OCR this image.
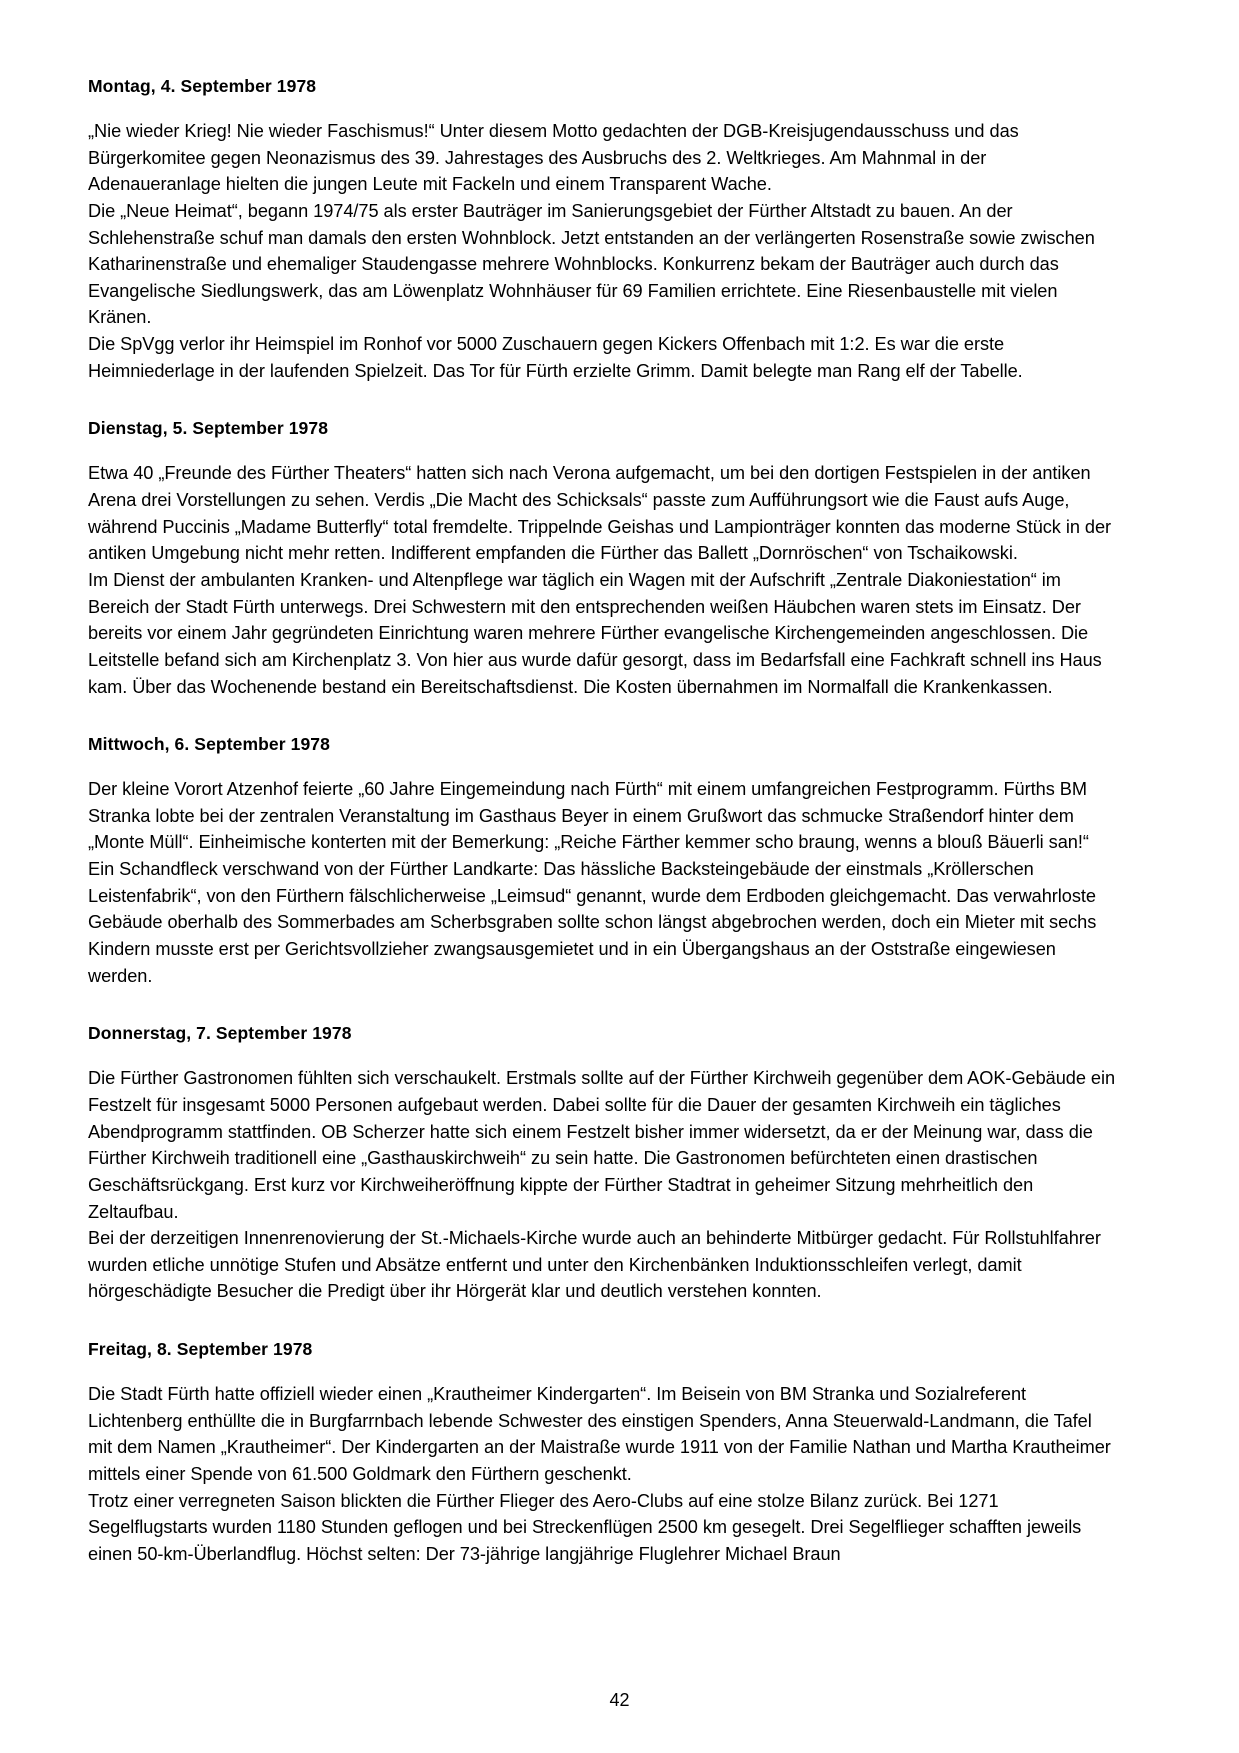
Montag, 4. September 1978

„Nie wieder Krieg! Nie wieder Faschismus!“ Unter diesem Motto gedachten der DGB-Kreisjugendausschuss und das Bürgerkomitee gegen Neonazismus des 39. Jahrestages des Ausbruchs des 2. Weltkrieges. Am Mahnmal in der Adenaueranlage hielten die jungen Leute mit Fackeln und einem Transparent Wache.

Die „Neue Heimat“, begann 1974/75 als erster Bauträger im Sanierungsgebiet der Fürther Altstadt zu bauen. An der Schlehenstraße schuf man damals den ersten Wohnblock. Jetzt entstanden an der verlängerten Rosenstraße sowie zwischen Katharinenstraße und ehemaliger Staudengasse mehrere Wohnblocks. Konkurrenz bekam der Bauträger auch durch das Evangelische Siedlungswerk, das am Löwenplatz Wohnhäuser für 69 Familien errichtete. Eine Riesenbaustelle mit vielen Kränen.

Die SpVgg verlor ihr Heimspiel im Ronhof vor 5000 Zuschauern gegen Kickers Offenbach mit 1:2. Es war die erste Heimniederlage in der laufenden Spielzeit. Das Tor für Fürth erzielte Grimm. Damit belegte man Rang elf der Tabelle.

Dienstag, 5. September 1978

Etwa 40 „Freunde des Fürther Theaters“ hatten sich nach Verona aufgemacht, um bei den dortigen Festspielen in der antiken Arena drei Vorstellungen zu sehen. Verdis „Die Macht des Schicksals“ passte zum Aufführungsort wie die Faust aufs Auge, während Puccinis „Madame Butterfly“ total fremdelte. Trippelnde Geishas und Lampionträger konnten das moderne Stück in der antiken Umgebung nicht mehr retten. Indifferent empfanden die Fürther das Ballett „Dornröschen“ von Tschaikowski.

Im Dienst der ambulanten Kranken- und Altenpflege war täglich ein Wagen mit der Aufschrift „Zentrale Diakoniestation“ im Bereich der Stadt Fürth unterwegs. Drei Schwestern mit den entsprechenden weißen Häubchen waren stets im Einsatz. Der bereits vor einem Jahr gegründeten Einrichtung waren mehrere Fürther evangelische Kirchengemeinden angeschlossen. Die Leitstelle befand sich am Kirchenplatz 3. Von hier aus wurde dafür gesorgt, dass im Bedarfsfall eine Fachkraft schnell ins Haus kam. Über das Wochenende bestand ein Bereitschaftsdienst. Die Kosten übernahmen im Normalfall die Krankenkassen.

Mittwoch, 6. September 1978

Der kleine Vorort Atzenhof feierte „60 Jahre Eingemeindung nach Fürth“ mit einem umfangreichen Festprogramm. Fürths BM Stranka lobte bei der zentralen Veranstaltung im Gasthaus Beyer in einem Grußwort das schmucke Straßendorf hinter dem „Monte Müll“. Einheimische konterten mit der Bemerkung: „Reiche Färther kemmer scho braung, wenns a blouß Bäuerli san!“

Ein Schandfleck verschwand von der Fürther Landkarte: Das hässliche Backsteingebäude der einstmals „Kröllerschen Leistenfabrik“, von den Fürthern fälschlicherweise „Leimsud“ genannt, wurde dem Erdboden gleichgemacht. Das verwahrloste Gebäude oberhalb des Sommerbades am Scherbsgraben sollte schon längst abgebrochen werden, doch ein Mieter mit sechs Kindern musste erst per Gerichtsvollzieher zwangsausgemietet und in ein Übergangshaus an der Oststraße eingewiesen werden.

Donnerstag, 7. September 1978

Die Fürther Gastronomen fühlten sich verschaukelt. Erstmals sollte auf der Fürther Kirchweih gegenüber dem AOK-Gebäude ein Festzelt für insgesamt 5000 Personen aufgebaut werden. Dabei sollte für die Dauer der gesamten Kirchweih ein tägliches Abendprogramm stattfinden. OB Scherzer hatte sich einem Festzelt bisher immer widersetzt, da er der Meinung war, dass die Fürther Kirchweih traditionell eine „Gasthauskirchweih“ zu sein hatte. Die Gastronomen befürchteten einen drastischen Geschäftsrückgang. Erst kurz vor Kirchweiheröffnung kippte der Fürther Stadtrat in geheimer Sitzung mehrheitlich den Zeltaufbau.

Bei der derzeitigen Innenrenovierung der St.-Michaels-Kirche wurde auch an behinderte Mitbürger gedacht. Für Rollstuhlfahrer wurden etliche unnötige Stufen und Absätze entfernt und unter den Kirchenbänken Induktionsschleifen verlegt, damit hörgeschädigte Besucher die Predigt über ihr Hörgerät klar und deutlich verstehen konnten.

Freitag, 8. September 1978

Die Stadt Fürth hatte offiziell wieder einen „Krautheimer Kindergarten“. Im Beisein von BM Stranka und Sozialreferent Lichtenberg enthüllte die in Burgfarrnbach lebende Schwester des einstigen Spenders, Anna Steuerwald-Landmann, die Tafel mit dem Namen „Krautheimer“. Der Kindergarten an der Maistraße wurde 1911 von der Familie Nathan und Martha Krautheimer mittels einer Spende von 61.500 Goldmark den Fürthern geschenkt.

Trotz einer verregneten Saison blickten die Fürther Flieger des Aero-Clubs auf eine stolze Bilanz zurück. Bei 1271 Segelflugstarts wurden 1180 Stunden geflogen und bei Streckenflügen 2500 km gesegelt. Drei Segelflieger schafften jeweils einen 50-km-Überlandflug. Höchst selten: Der 73-jährige langjährige Fluglehrer Michael Braun

42
